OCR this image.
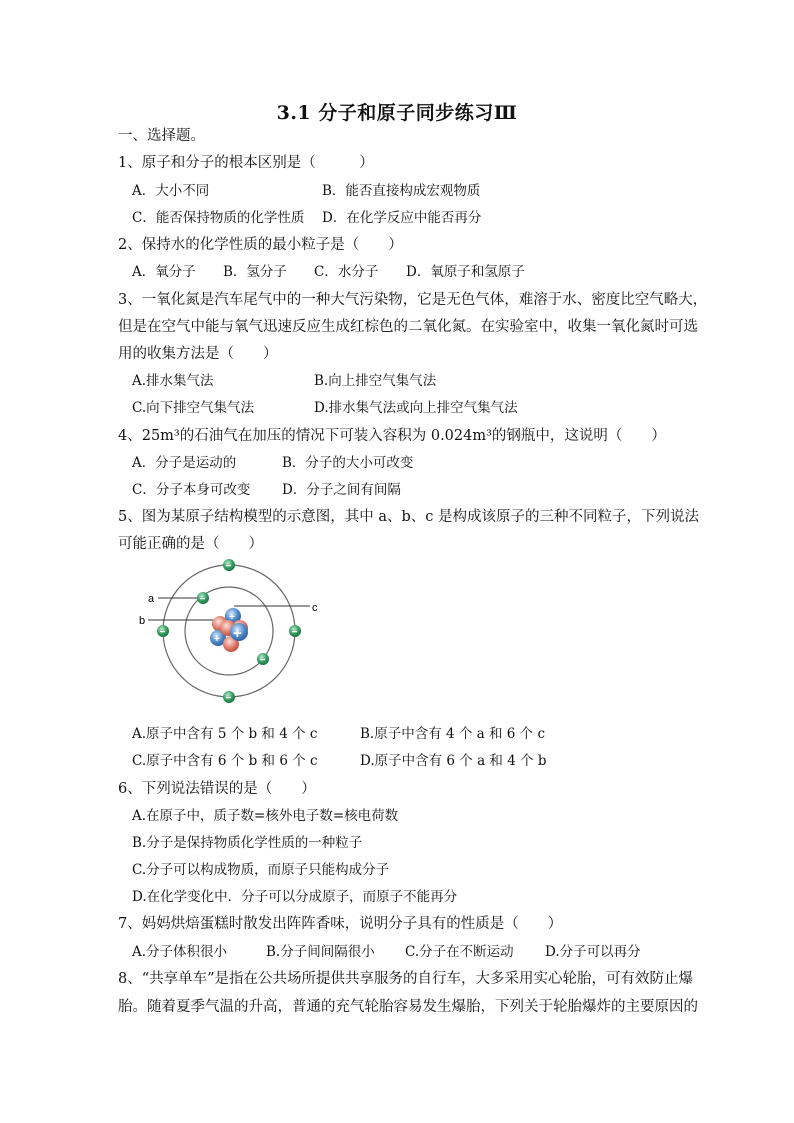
3.1 分子和原子同步练习Ⅲ
一、选择题。
1、原子和分子的根本区别是（　　　）
A．大小不同	B．能否直接构成宏观物质
C．能否保持物质的化学性质 D．在化学反应中能否再分
2、保持水的化学性质的最小粒子是（　　）
A．氧分子 B．氢分子 C．水分子 D．氧原子和氢原子
3、一氧化氮是汽车尾气中的一种大气污染物，它是无色气体，难溶于水、密度比空气略大，
但是在空气中能与氧气迅速反应生成红棕色的二氧化氮。在实验室中，收集一氧化氮时可选
用的收集方法是（　　）
A.排水集气法	B.向上排空气集气法
C.向下排空气集气法	D.排水集气法或向上排空气集气法
4、25m³的石油气在加压的情况下可装入容积为 0.024m³的钢瓶中，这说明（　　）
A．分子是运动的	B．分子的大小可改变
C．分子本身可改变 D．分子之间有间隔
5、图为某原子结构模型的示意图，其中 a、b、c 是构成该原子的三种不同粒子，下列说法
可能正确的是（　　）
a
b
c
+
+
+
−
−
−	−
−
−
A.原子中含有 5 个 b 和 4 个 c	B.原子中含有 4 个 a 和 6 个 c
C.原子中含有 6 个 b 和 6 个 c	D.原子中含有 6 个 a 和 4 个 b
6、下列说法错误的是（　　）
A.在原子中，质子数=核外电子数=核电荷数
B.分子是保持物质化学性质的一种粒子
C.分子可以构成物质，而原子只能构成分子
D.在化学变化中．分子可以分成原子，而原子不能再分
7、妈妈烘焙蛋糕时散发出阵阵香味，说明分子具有的性质是（　　）
A.分子体积很小	B.分子间间隔很小 C.分子在不断运动 D.分子可以再分
8、“共享单车”是指在公共场所提供共享服务的自行车，大多采用实心轮胎，可有效防止爆
胎。随着夏季气温的升高，普通的充气轮胎容易发生爆胎，下列关于轮胎爆炸的主要原因的
